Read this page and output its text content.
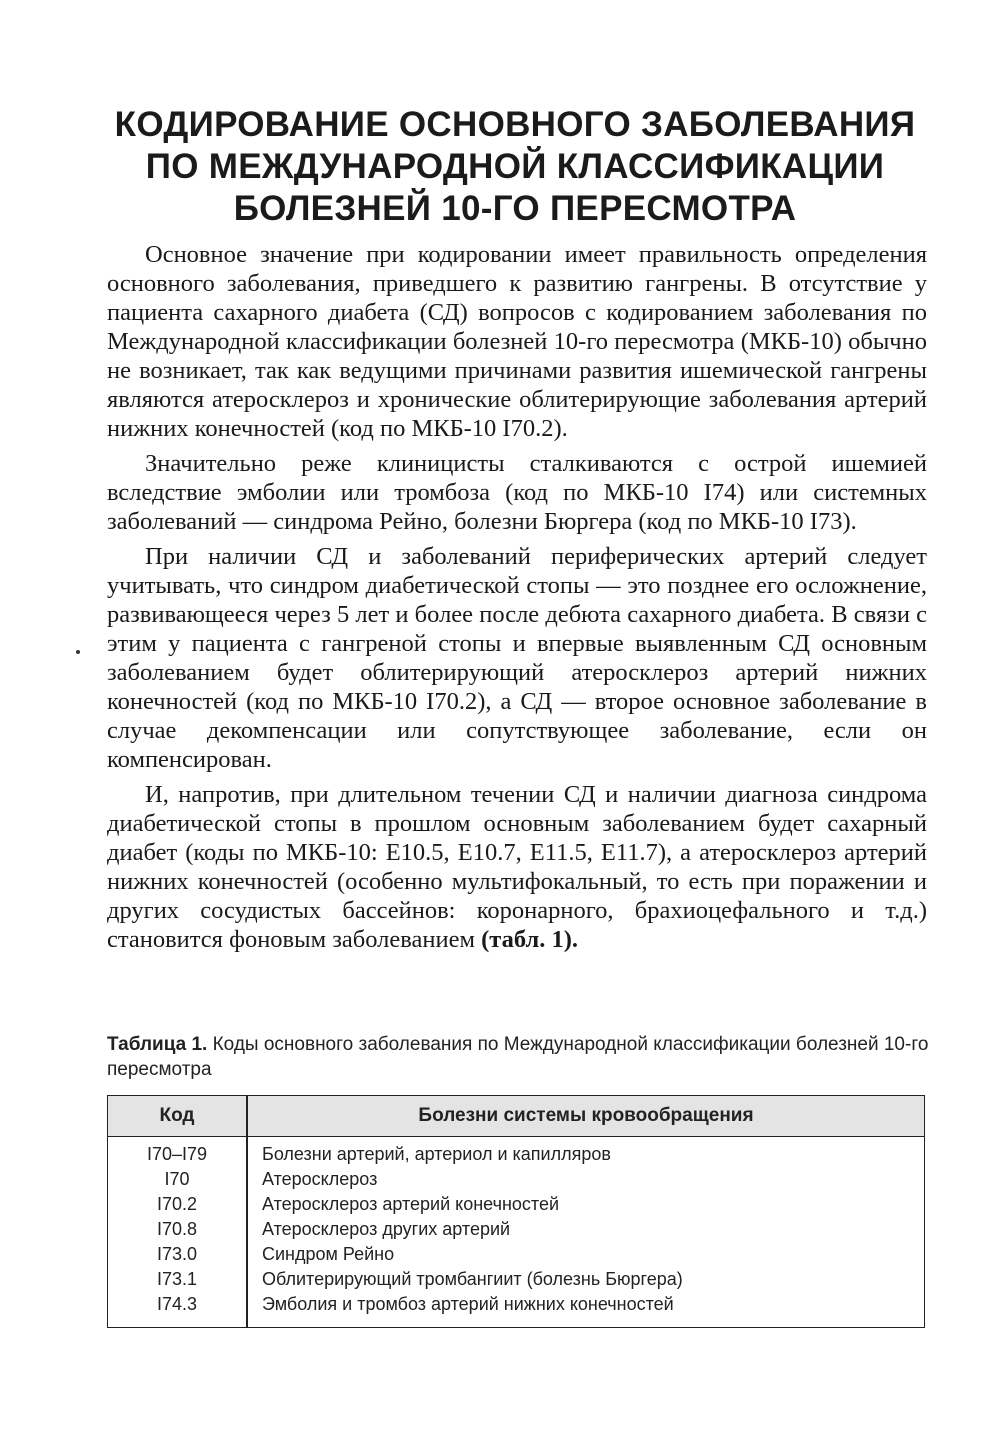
КОДИРОВАНИЕ ОСНОВНОГО ЗАБОЛЕВАНИЯ
ПО МЕЖДУНАРОДНОЙ КЛАССИФИКАЦИИ
БОЛЕЗНЕЙ 10-ГО ПЕРЕСМОТРА

Основное значение при кодировании имеет правильность определения основного заболевания, приведшего к развитию гангрены. В отсутствие у пациента сахарного диабета (СД) вопросов с кодированием заболевания по Международной классификации болезней 10-го пересмотра (МКБ-10) обычно не возникает, так как ведущими причинами развития ишемической гангрены являются атеросклероз и хронические облитерирующие заболевания артерий нижних конечностей (код по МКБ-10 I70.2).

Значительно реже клиницисты сталкиваются с острой ишемией вследствие эмболии или тромбоза (код по МКБ-10 I74) или системных заболеваний — синдрома Рейно, болезни Бюргера (код по МКБ-10 I73).

При наличии СД и заболеваний периферических артерий следует учитывать, что синдром диабетической стопы — это позднее его осложнение, развивающееся через 5 лет и более после дебюта сахарного диабета. В связи с этим у пациента с гангреной стопы и впервые выявленным СД основным заболеванием будет облитерирующий атеросклероз артерий нижних конечностей (код по МКБ-10 I70.2), а СД — второе основное заболевание в случае декомпенсации или сопутствующее заболевание, если он компенсирован.

И, напротив, при длительном течении СД и наличии диагноза синдрома диабетической стопы в прошлом основным заболеванием будет сахарный диабет (коды по МКБ-10: E10.5, E10.7, E11.5, E11.7), а атеросклероз артерий нижних конечностей (особенно мультифокальный, то есть при поражении и других сосудистых бассейнов: коронарного, брахиоцефального и т.д.) становится фоновым заболеванием (табл. 1).

Таблица 1. Коды основного заболевания по Международной классификации болезней 10-го пересмотра
Код	Болезни системы кровообращения
I70–I79	Болезни артерий, артериол и капилляров
I70	Атеросклероз
I70.2	Атеросклероз артерий конечностей
I70.8	Атеросклероз других артерий
I73.0	Синдром Рейно
I73.1	Облитерирующий тромбангиит (болезнь Бюргера)
I74.3	Эмболия и тромбоз артерий нижних конечностей
